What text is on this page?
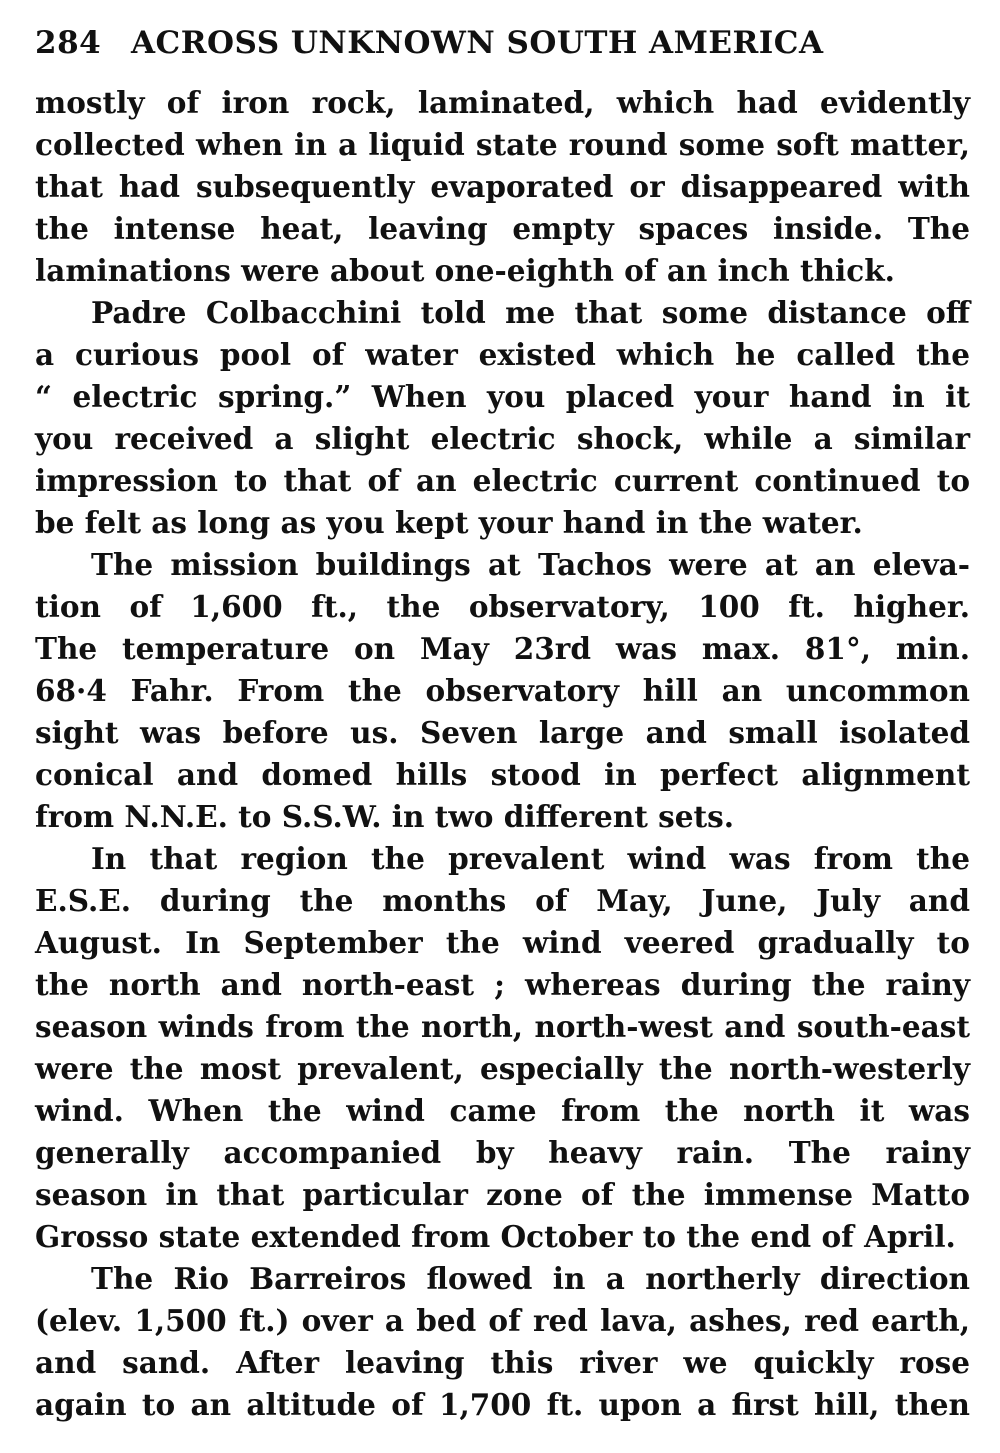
284 ACROSS UNKNOWN SOUTH AMERICA
mostly of iron rock, laminated, which had evidently
collected when in a liquid state round some soft matter,
that had subsequently evaporated or disappeared with
the intense heat, leaving empty spaces inside. The
laminations were about one-eighth of an inch thick.
Padre Colbacchini told me that some distance off
a curious pool of water existed which he called the
“ electric spring.” When you placed your hand in it
you received a slight electric shock, while a similar
impression to that of an electric current continued to
be felt as long as you kept your hand in the water.
The mission buildings at Tachos were at an eleva-
tion of 1,600 ft., the observatory, 100 ft. higher.
The temperature on May 23rd was max. 81°, min.
68·4 Fahr. From the observatory hill an uncommon
sight was before us. Seven large and small isolated
conical and domed hills stood in perfect alignment
from N.N.E. to S.S.W. in two different sets.
In that region the prevalent wind was from the
E.S.E. during the months of May, June, July and
August. In September the wind veered gradually to
the north and north-east ; whereas during the rainy
season winds from the north, north-west and south-east
were the most prevalent, especially the north-westerly
wind. When the wind came from the north it was
generally accompanied by heavy rain. The rainy
season in that particular zone of the immense Matto
Grosso state extended from October to the end of April.
The Rio Barreiros flowed in a northerly direction
(elev. 1,500 ft.) over a bed of red lava, ashes, red earth,
and sand. After leaving this river we quickly rose
again to an altitude of 1,700 ft. upon a first hill, then
